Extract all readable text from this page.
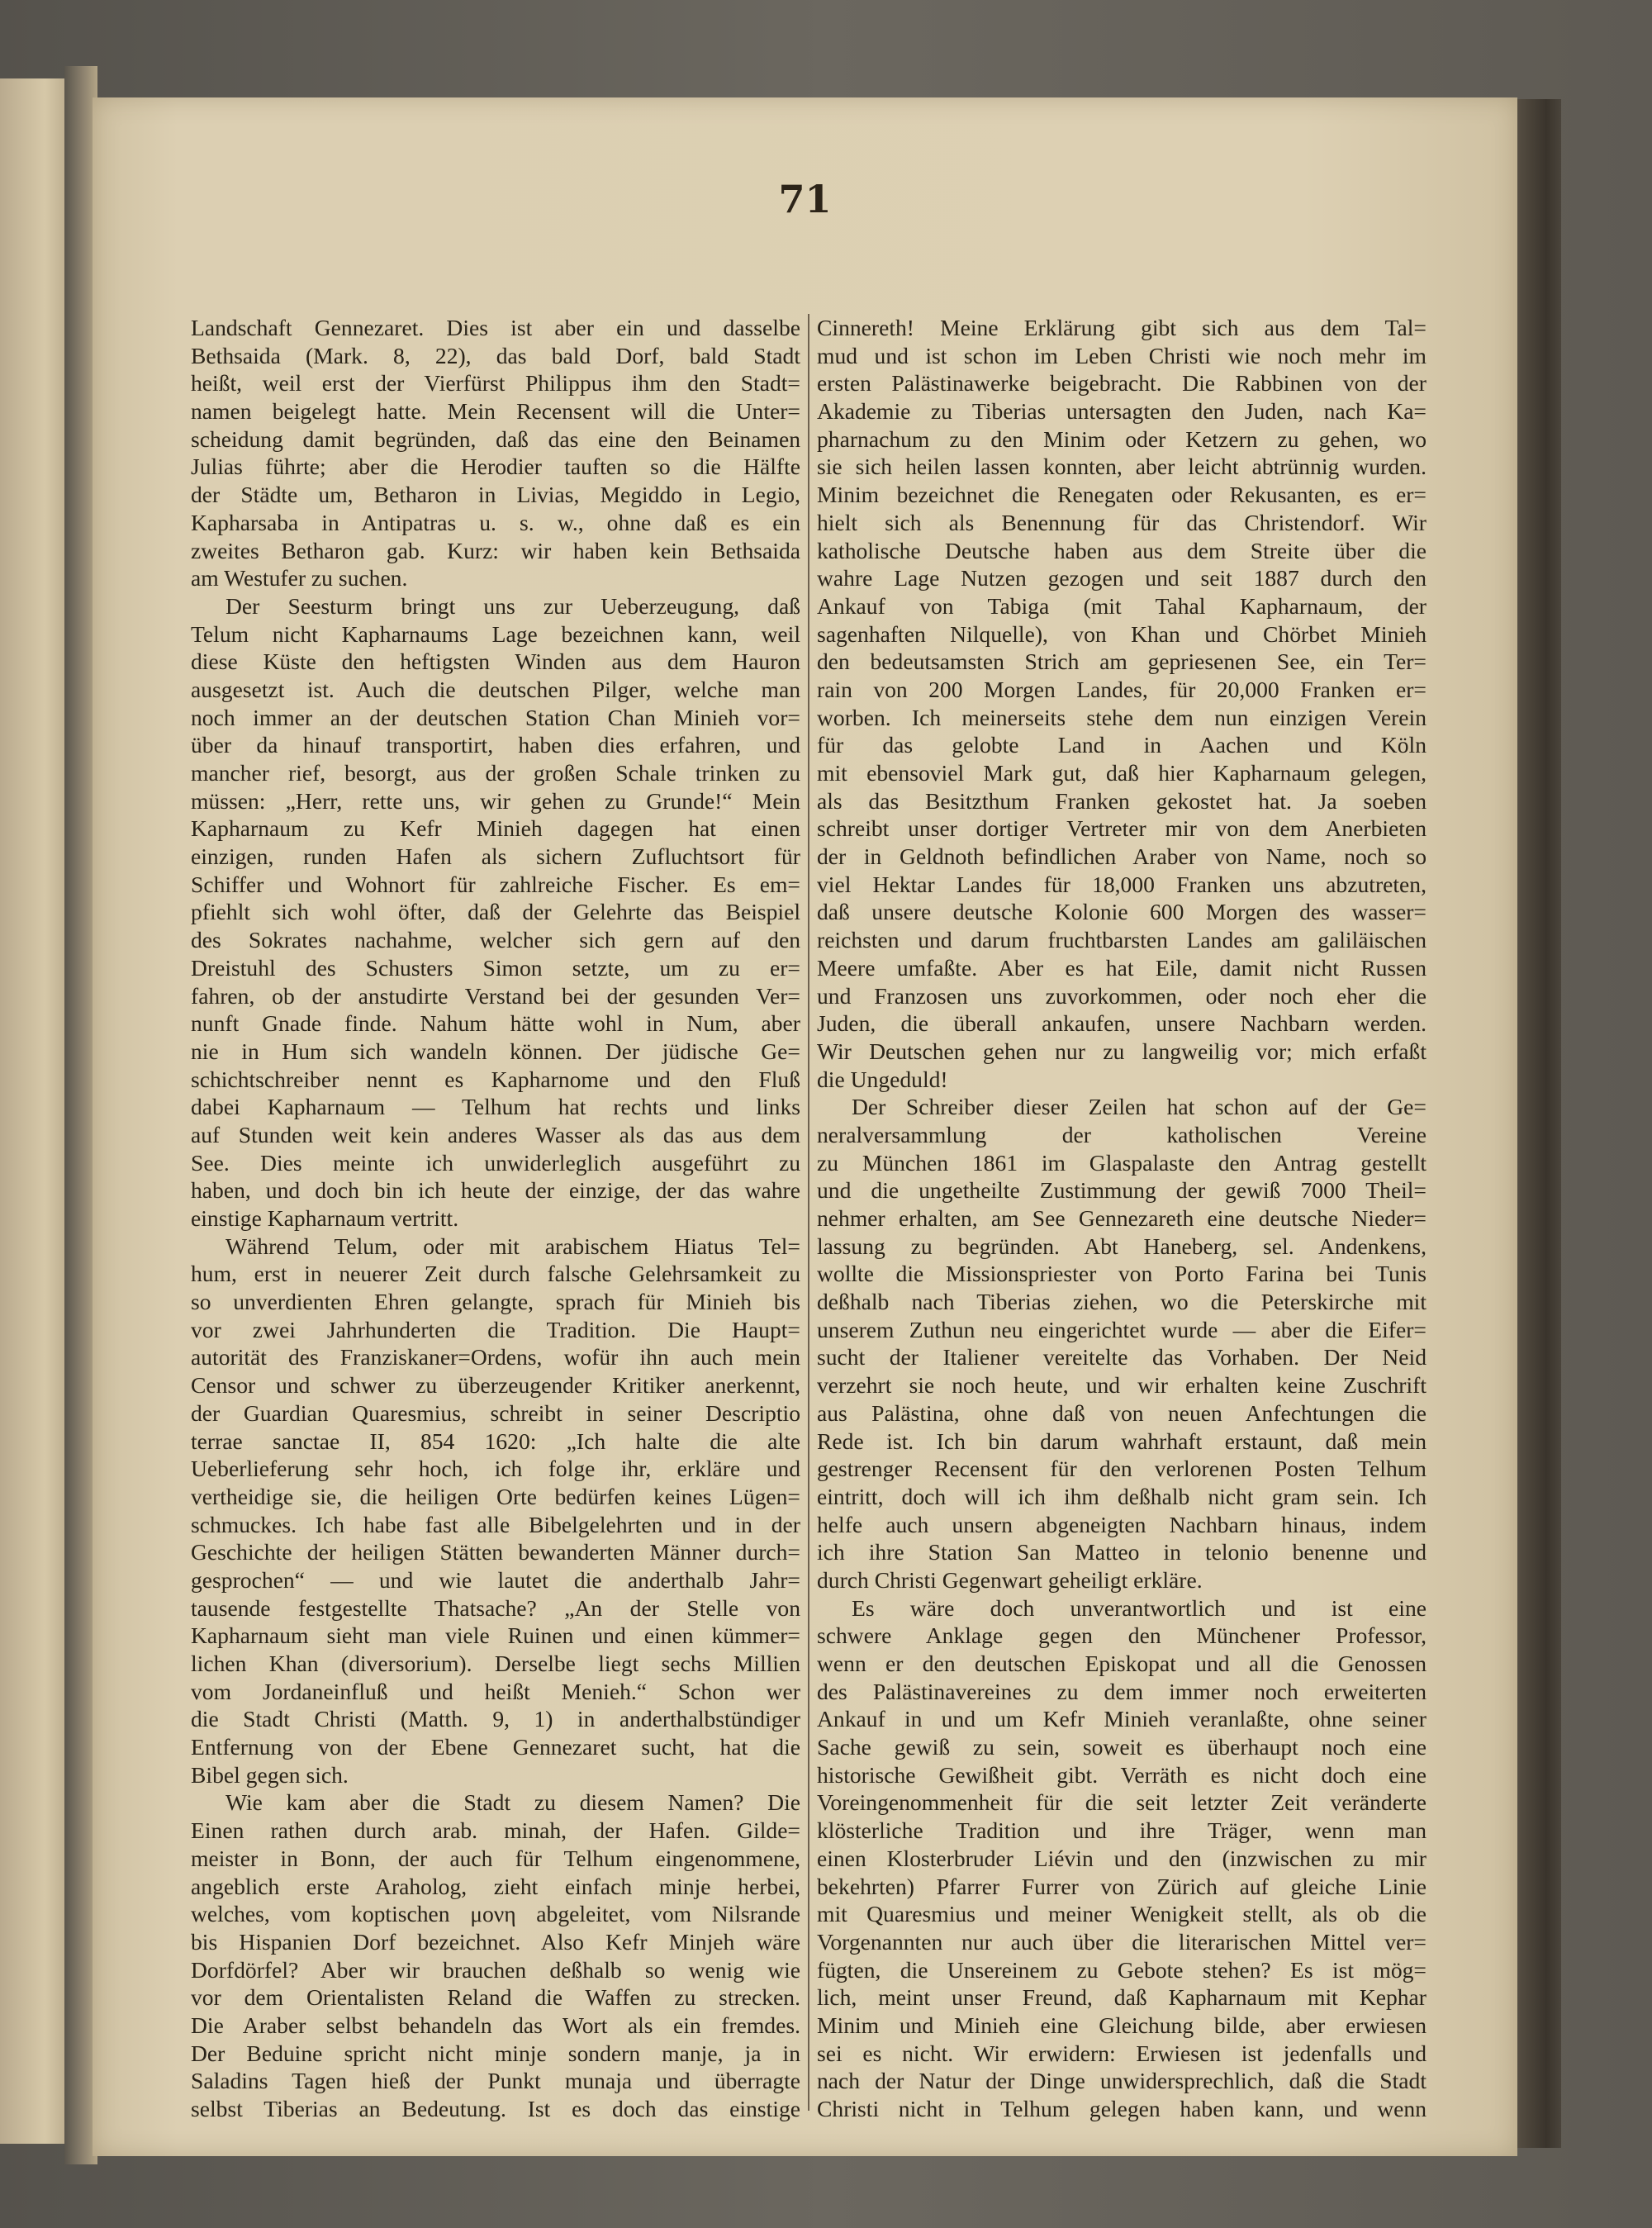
71
Landschaft Gennezaret. Dies ist aber ein und dasselbe
Bethsaida (Mark. 8, 22), das bald Dorf, bald Stadt
heißt, weil erst der Vierfürst Philippus ihm den Stadt=
namen beigelegt hatte. Mein Recensent will die Unter=
scheidung damit begründen, daß das eine den Beinamen
Julias führte; aber die Herodier tauften so die Hälfte
der Städte um, Betharon in Livias, Megiddo in Legio,
Kapharsaba in Antipatras u. s. w., ohne daß es ein
zweites Betharon gab. Kurz: wir haben kein Bethsaida
am Westufer zu suchen.
Der Seesturm bringt uns zur Ueberzeugung, daß
Telum nicht Kapharnaums Lage bezeichnen kann, weil
diese Küste den heftigsten Winden aus dem Hauron
ausgesetzt ist. Auch die deutschen Pilger, welche man
noch immer an der deutschen Station Chan Minieh vor=
über da hinauf transportirt, haben dies erfahren, und
mancher rief, besorgt, aus der großen Schale trinken zu
müssen: „Herr, rette uns, wir gehen zu Grunde!“ Mein
Kapharnaum zu Kefr Minieh dagegen hat einen
einzigen, runden Hafen als sichern Zufluchtsort für
Schiffer und Wohnort für zahlreiche Fischer. Es em=
pfiehlt sich wohl öfter, daß der Gelehrte das Beispiel
des Sokrates nachahme, welcher sich gern auf den
Dreistuhl des Schusters Simon setzte, um zu er=
fahren, ob der anstudirte Verstand bei der gesunden Ver=
nunft Gnade finde. Nahum hätte wohl in Num, aber
nie in Hum sich wandeln können. Der jüdische Ge=
schichtschreiber nennt es Kapharnome und den Fluß
dabei Kapharnaum — Telhum hat rechts und links
auf Stunden weit kein anderes Wasser als das aus dem
See. Dies meinte ich unwiderleglich ausgeführt zu
haben, und doch bin ich heute der einzige, der das wahre
einstige Kapharnaum vertritt.
Während Telum, oder mit arabischem Hiatus Tel=
hum, erst in neuerer Zeit durch falsche Gelehrsamkeit zu
so unverdienten Ehren gelangte, sprach für Minieh bis
vor zwei Jahrhunderten die Tradition. Die Haupt=
autorität des Franziskaner=Ordens, wofür ihn auch mein
Censor und schwer zu überzeugender Kritiker anerkennt,
der Guardian Quaresmius, schreibt in seiner Descriptio
terrae sanctae II, 854 1620: „Ich halte die alte
Ueberlieferung sehr hoch, ich folge ihr, erkläre und
vertheidige sie, die heiligen Orte bedürfen keines Lügen=
schmuckes. Ich habe fast alle Bibelgelehrten und in der
Geschichte der heiligen Stätten bewanderten Männer durch=
gesprochen“ — und wie lautet die anderthalb Jahr=
tausende festgestellte Thatsache? „An der Stelle von
Kapharnaum sieht man viele Ruinen und einen kümmer=
lichen Khan (diversorium). Derselbe liegt sechs Millien
vom Jordaneinfluß und heißt Menieh.“ Schon wer
die Stadt Christi (Matth. 9, 1) in anderthalbstündiger
Entfernung von der Ebene Gennezaret sucht, hat die
Bibel gegen sich.
Wie kam aber die Stadt zu diesem Namen? Die
Einen rathen durch arab. minah, der Hafen. Gilde=
meister in Bonn, der auch für Telhum eingenommene,
angeblich erste Araholog, zieht einfach minje herbei,
welches, vom koptischen μονη abgeleitet, vom Nilsrande
bis Hispanien Dorf bezeichnet. Also Kefr Minjeh wäre
Dorfdörfel? Aber wir brauchen deßhalb so wenig wie
vor dem Orientalisten Reland die Waffen zu strecken.
Die Araber selbst behandeln das Wort als ein fremdes.
Der Beduine spricht nicht minje sondern manje, ja in
Saladins Tagen hieß der Punkt munaja und überragte
selbst Tiberias an Bedeutung. Ist es doch das einstige
Cinnereth! Meine Erklärung gibt sich aus dem Tal=
mud und ist schon im Leben Christi wie noch mehr im
ersten Palästinawerke beigebracht. Die Rabbinen von der
Akademie zu Tiberias untersagten den Juden, nach Ka=
pharnachum zu den Minim oder Ketzern zu gehen, wo
sie sich heilen lassen konnten, aber leicht abtrünnig wurden.
Minim bezeichnet die Renegaten oder Rekusanten, es er=
hielt sich als Benennung für das Christendorf. Wir
katholische Deutsche haben aus dem Streite über die
wahre Lage Nutzen gezogen und seit 1887 durch den
Ankauf von Tabiga (mit Tahal Kapharnaum, der
sagenhaften Nilquelle), von Khan und Chörbet Minieh
den bedeutsamsten Strich am gepriesenen See, ein Ter=
rain von 200 Morgen Landes, für 20,000 Franken er=
worben. Ich meinerseits stehe dem nun einzigen Verein
für das gelobte Land in Aachen und Köln
mit ebensoviel Mark gut, daß hier Kapharnaum gelegen,
als das Besitzthum Franken gekostet hat. Ja soeben
schreibt unser dortiger Vertreter mir von dem Anerbieten
der in Geldnoth befindlichen Araber von Name, noch so
viel Hektar Landes für 18,000 Franken uns abzutreten,
daß unsere deutsche Kolonie 600 Morgen des wasser=
reichsten und darum fruchtbarsten Landes am galiläischen
Meere umfaßte. Aber es hat Eile, damit nicht Russen
und Franzosen uns zuvorkommen, oder noch eher die
Juden, die überall ankaufen, unsere Nachbarn werden.
Wir Deutschen gehen nur zu langweilig vor; mich erfaßt
die Ungeduld!
Der Schreiber dieser Zeilen hat schon auf der Ge=
neralversammlung der katholischen Vereine
zu München 1861 im Glaspalaste den Antrag gestellt
und die ungetheilte Zustimmung der gewiß 7000 Theil=
nehmer erhalten, am See Gennezareth eine deutsche Nieder=
lassung zu begründen. Abt Haneberg, sel. Andenkens,
wollte die Missionspriester von Porto Farina bei Tunis
deßhalb nach Tiberias ziehen, wo die Peterskirche mit
unserem Zuthun neu eingerichtet wurde — aber die Eifer=
sucht der Italiener vereitelte das Vorhaben. Der Neid
verzehrt sie noch heute, und wir erhalten keine Zuschrift
aus Palästina, ohne daß von neuen Anfechtungen die
Rede ist. Ich bin darum wahrhaft erstaunt, daß mein
gestrenger Recensent für den verlorenen Posten Telhum
eintritt, doch will ich ihm deßhalb nicht gram sein. Ich
helfe auch unsern abgeneigten Nachbarn hinaus, indem
ich ihre Station San Matteo in telonio benenne und
durch Christi Gegenwart geheiligt erkläre.
Es wäre doch unverantwortlich und ist eine
schwere Anklage gegen den Münchener Professor,
wenn er den deutschen Episkopat und all die Genossen
des Palästinavereines zu dem immer noch erweiterten
Ankauf in und um Kefr Minieh veranlaßte, ohne seiner
Sache gewiß zu sein, soweit es überhaupt noch eine
historische Gewißheit gibt. Verräth es nicht doch eine
Voreingenommenheit für die seit letzter Zeit veränderte
klösterliche Tradition und ihre Träger, wenn man
einen Klosterbruder Liévin und den (inzwischen zu mir
bekehrten) Pfarrer Furrer von Zürich auf gleiche Linie
mit Quaresmius und meiner Wenigkeit stellt, als ob die
Vorgenannten nur auch über die literarischen Mittel ver=
fügten, die Unsereinem zu Gebote stehen? Es ist mög=
lich, meint unser Freund, daß Kapharnaum mit Kephar
Minim und Minieh eine Gleichung bilde, aber erwiesen
sei es nicht. Wir erwidern: Erwiesen ist jedenfalls und
nach der Natur der Dinge unwidersprechlich, daß die Stadt
Christi nicht in Telhum gelegen haben kann, und wenn
